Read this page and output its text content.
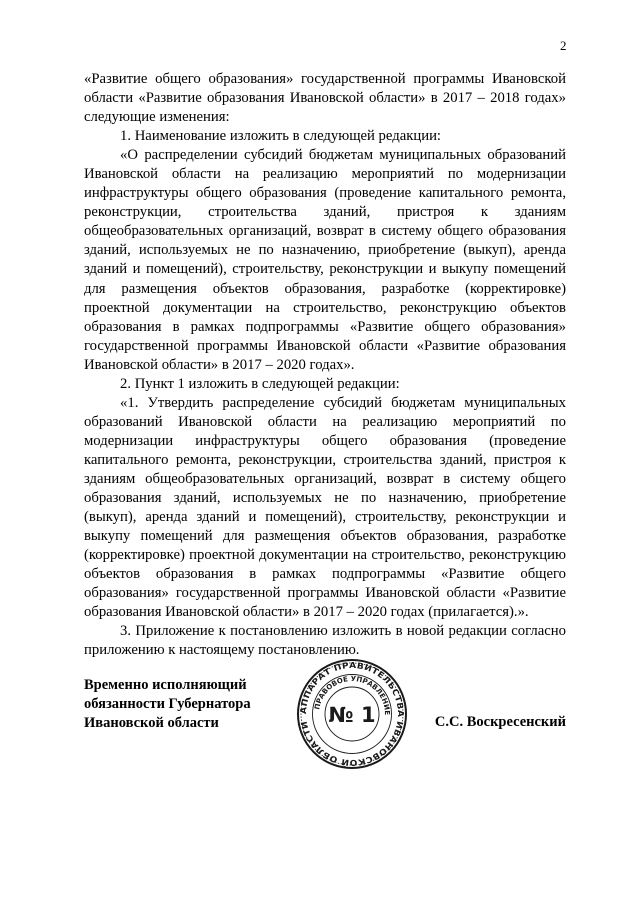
2

«Развитие общего образования» государственной программы Ивановской области «Развитие образования Ивановской области» в 2017 – 2018 годах» следующие изменения:

1. Наименование изложить в следующей редакции:

«О распределении субсидий бюджетам муниципальных образований Ивановской области на реализацию мероприятий по модернизации инфраструктуры общего образования (проведение капитального ремонта, реконструкции, строительства зданий, пристроя к зданиям общеобразовательных организаций, возврат в систему общего образования зданий, используемых не по назначению, приобретение (выкуп), аренда зданий и помещений), строительству, реконструкции и выкупу помещений для размещения объектов образования, разработке (корректировке) проектной документации на строительство, реконструкцию объектов образования в рамках подпрограммы «Развитие общего образования» государственной программы Ивановской области «Развитие образования Ивановской области» в 2017 – 2020 годах».

2. Пункт 1 изложить в следующей редакции:

«1. Утвердить распределение субсидий бюджетам муниципальных образований Ивановской области на реализацию мероприятий по модернизации инфраструктуры общего образования (проведение капитального ремонта, реконструкции, строительства зданий, пристроя к зданиям общеобразовательных организаций, возврат в систему общего образования зданий, используемых не по назначению, приобретение (выкуп), аренда зданий и помещений), строительству, реконструкции и выкупу помещений для размещения объектов образования, разработке (корректировке) проектной документации на строительство, реконструкцию объектов образования в рамках подпрограммы «Развитие общего образования» государственной программы Ивановской области «Развитие образования Ивановской области» в 2017 – 2020 годах (прилагается).».

3. Приложение к постановлению изложить в новой редакции согласно приложению к настоящему постановлению.

Временно исполняющий
обязанности Губернатора
Ивановской области
АППАРАТ ПРАВИТЕЛЬСТВА ИВАНОВСКОЙ ОБЛАСТИ
ПРАВОВОЕ УПРАВЛЕНИЕ
№ 1	С.С. Воскресенский
